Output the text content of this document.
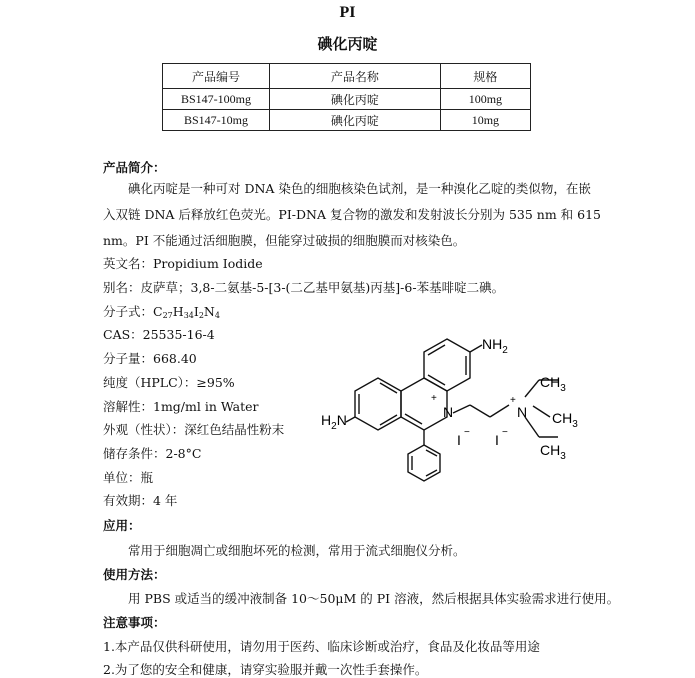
PI
碘化丙啶
产品编号	产品名称	规格
BS147-100mg	碘化丙啶	100mg
BS147-10mg	碘化丙啶	10mg
产品简介：

碘化丙啶是一种可对 DNA 染色的细胞核染色试剂，是一种溴化乙啶的类似物，在嵌

入双链 DNA 后释放红色荧光。PI-DNA 复合物的激发和发射波长分别为 535 nm 和 615

nm。PI 不能通过活细胞膜，但能穿过破损的细胞膜而对核染色。

英文名：Propidium Iodide
别名：皮萨草；3,8-二氨基-5-[3-(二乙基甲氨基)丙基]-6-苯基啡啶二碘。
分子式：$C_{27}H_{34}I_2N_4$
CAS：25535-16-4
分子量：668.40
纯度（HPLC）：≥95%
溶解性：1mg/ml in Water
外观（性状）：深红色结晶性粉末
储存条件：2-8°C
单位：瓶
有效期：4 年
$NH_2$
$H_2N$	N
+
N
+
$CH_3$
$CH_3$
$CH_3$
I − I −
应用：
常用于细胞凋亡或细胞坏死的检测，常用于流式细胞仪分析。
使用方法：
用 PBS 或适当的缓冲液制备 10～50μM 的 PI 溶液，然后根据具体实验需求进行使用。
注意事项：
1.本产品仅供科研使用，请勿用于医药、临床诊断或治疗，食品及化妆品等用途
2.为了您的安全和健康，请穿实验服并戴一次性手套操作。
